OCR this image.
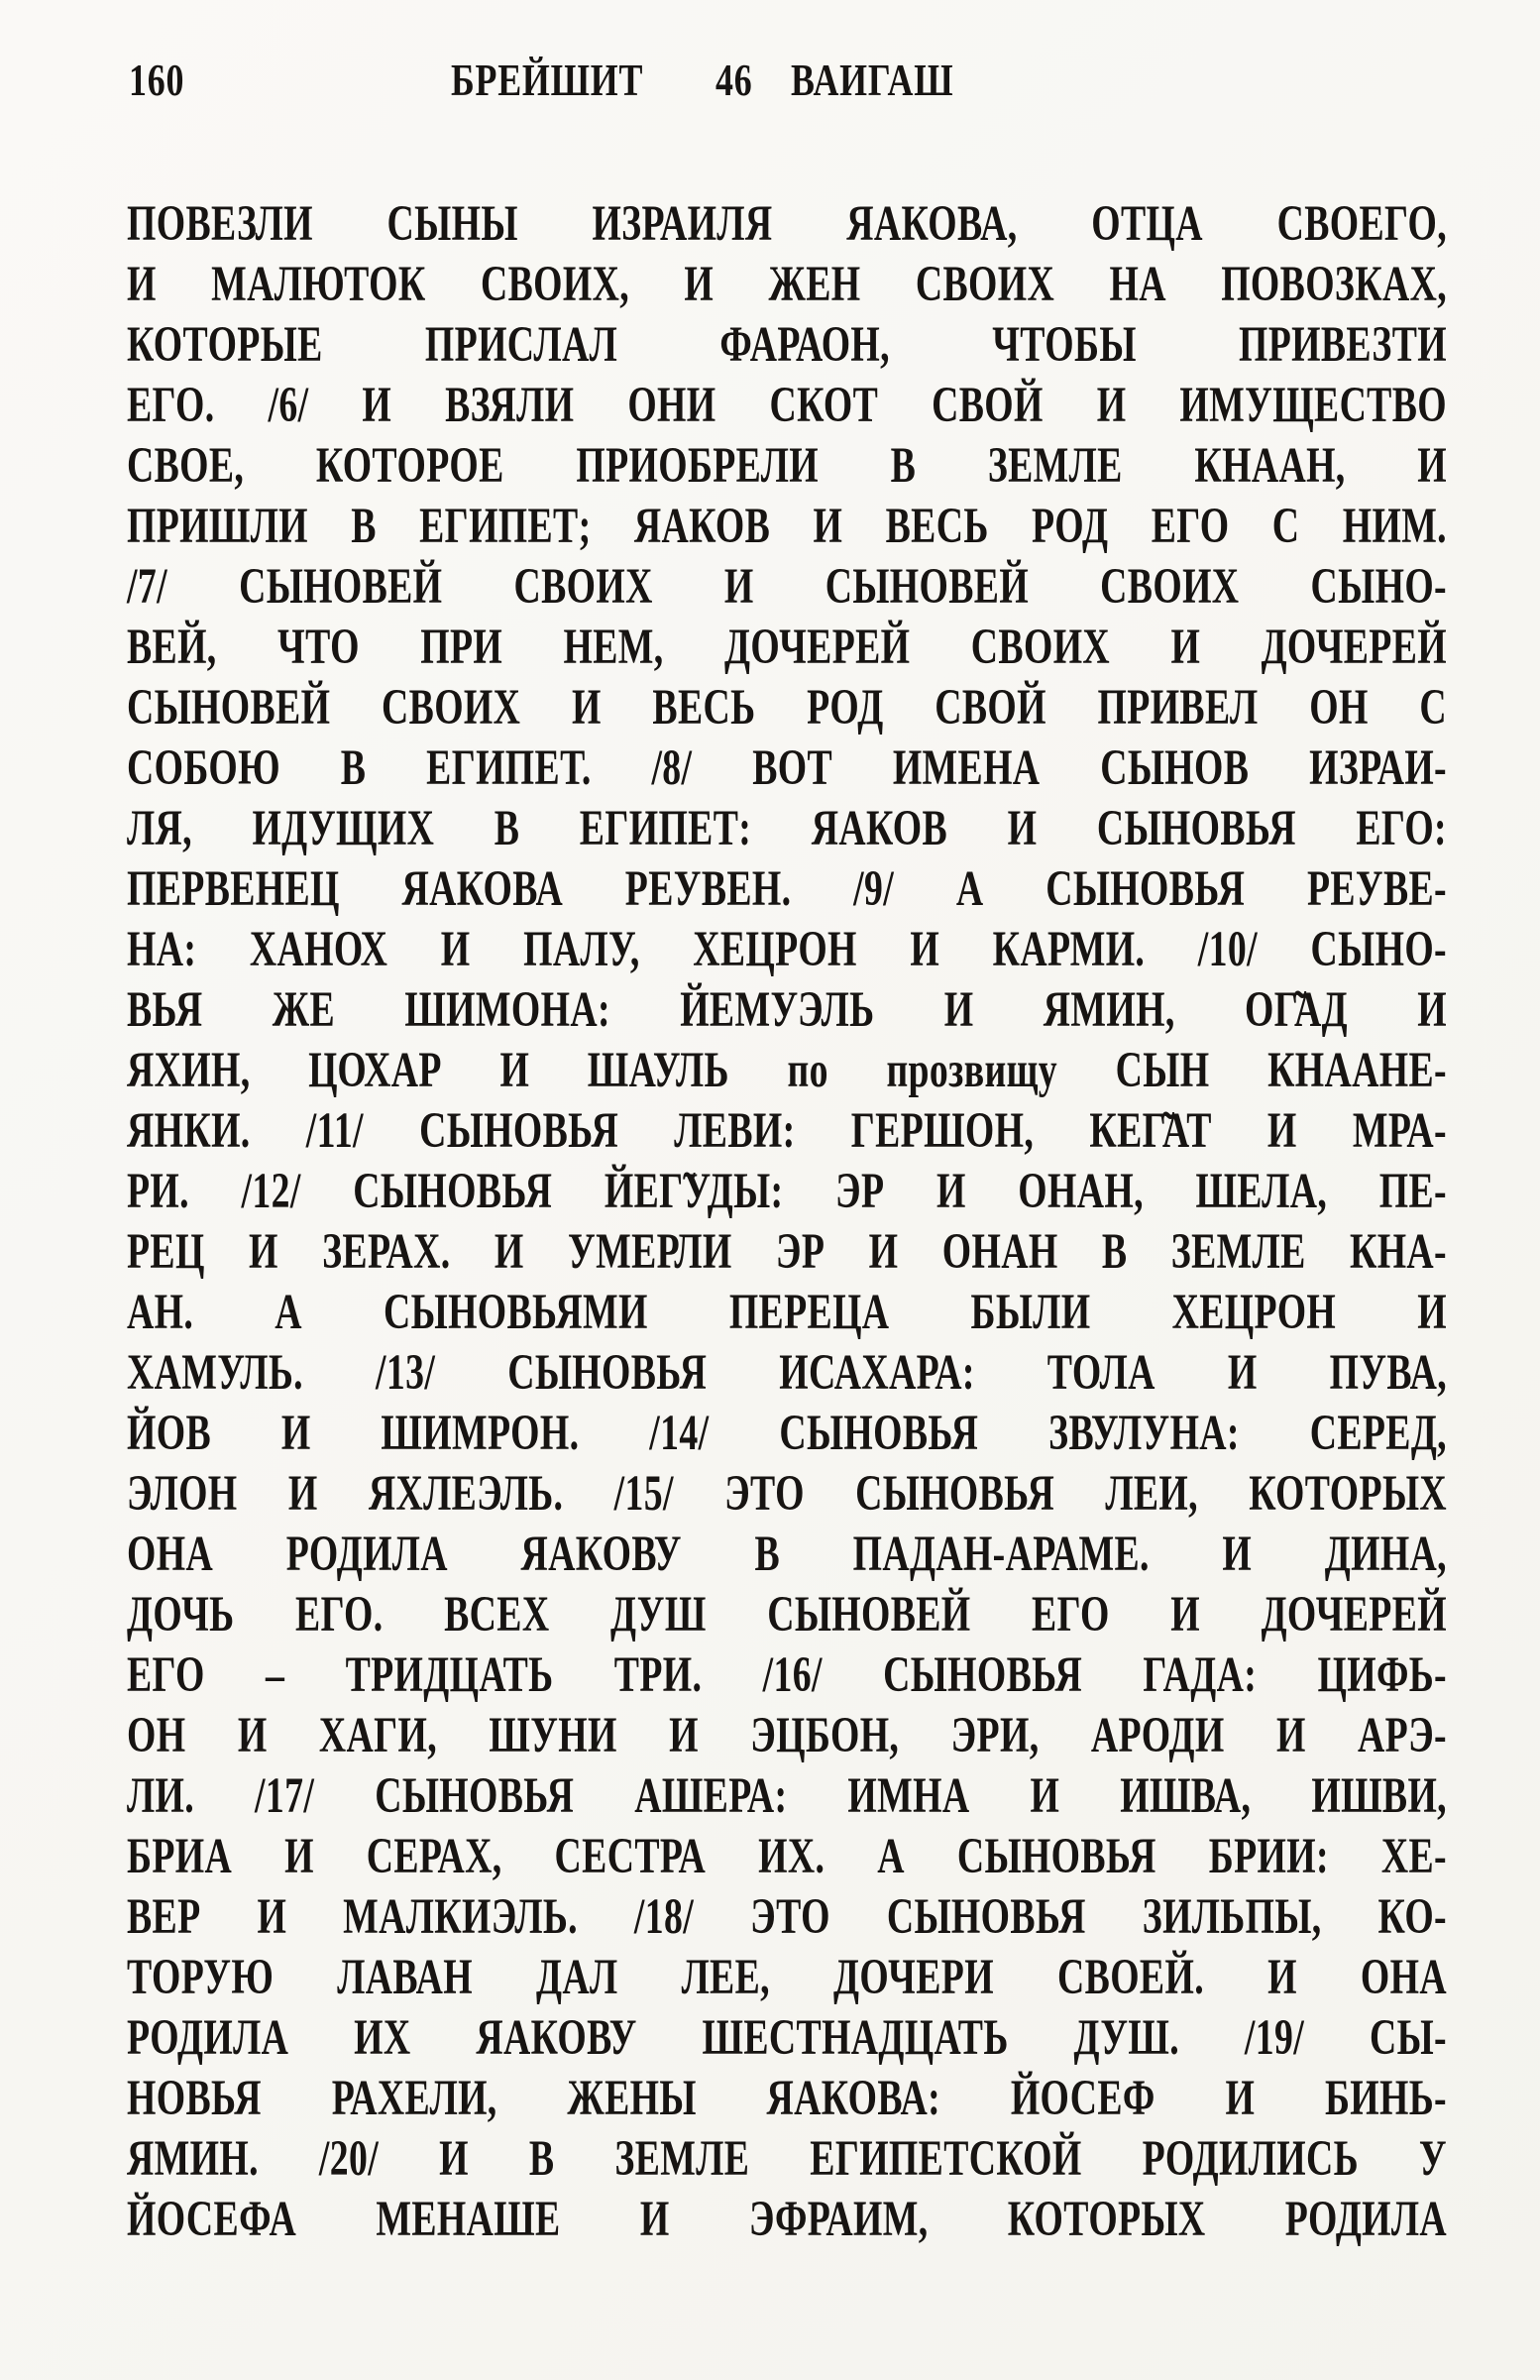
160	БРЕЙШИТ 46 ВАИГАШ
ПОВЕЗЛИ СЫНЫ ИЗРАИЛЯ ЯАКОВА, ОТЦА СВОЕГО,
И МАЛЮТОК СВОИХ, И ЖЕН СВОИХ НА ПОВОЗКАХ,
КОТОРЫЕ ПРИСЛАЛ ФАРАОН, ЧТОБЫ ПРИВЕЗТИ
ЕГО. /6/ И ВЗЯЛИ ОНИ СКОТ СВОЙ И ИМУЩЕСТВО
СВОЕ, КОТОРОЕ ПРИОБРЕЛИ В ЗЕМЛЕ КНААН, И
ПРИШЛИ В ЕГИПЕТ; ЯАКОВ И ВЕСЬ РОД ЕГО С НИМ.
/7/ СЫНОВЕЙ СВОИХ И СЫНОВЕЙ СВОИХ СЫНО-
ВЕЙ, ЧТО ПРИ НЕМ, ДОЧЕРЕЙ СВОИХ И ДОЧЕРЕЙ
СЫНОВЕЙ СВОИХ И ВЕСЬ РОД СВОЙ ПРИВЕЛ ОН С
СОБОЮ В ЕГИПЕТ. /8/ ВОТ ИМЕНА СЫНОВ ИЗРАИ-
ЛЯ, ИДУЩИХ В ЕГИПЕТ: ЯАКОВ И СЫНОВЬЯ ЕГО:
ПЕРВЕНЕЦ ЯАКОВА РЕУВЕН. /9/ А СЫНОВЬЯ РЕУВЕ-
НА: ХАНОХ И ПАЛУ, ХЕЦРОН И КАРМИ. /10/ СЫНО-
ВЬЯ ЖЕ ШИМОНА: ЙЕМУЭЛЬ И ЯМИН, ОГ̃АД И
ЯХИН, ЦОХАР И ШАУЛЬ по прозвищу СЫН КНААНЕ-
ЯНКИ. /11/ СЫНОВЬЯ ЛЕВИ: ГЕРШОН, КЕГ̃АТ И МРА-
РИ. /12/ СЫНОВЬЯ ЙЕГ̃УДЫ: ЭР И ОНАН, ШЕЛА, ПЕ-
РЕЦ И ЗЕРАХ. И УМЕРЛИ ЭР И ОНАН В ЗЕМЛЕ КНА-
АН. А СЫНОВЬЯМИ ПЕРЕЦА БЫЛИ ХЕЦРОН И
ХАМУЛЬ. /13/ СЫНОВЬЯ ИСАХАРА: ТОЛА И ПУВА,
ЙОВ И ШИМРОН. /14/ СЫНОВЬЯ ЗВУЛУНА: СЕРЕД,
ЭЛОН И ЯХЛЕЭЛЬ. /15/ ЭТО СЫНОВЬЯ ЛЕИ, КОТОРЫХ
ОНА РОДИЛА ЯАКОВУ В ПАДАН-АРАМЕ. И ДИНА,
ДОЧЬ ЕГО. ВСЕХ ДУШ СЫНОВЕЙ ЕГО И ДОЧЕРЕЙ
ЕГО – ТРИДЦАТЬ ТРИ. /16/ СЫНОВЬЯ ГАДА: ЦИФЬ-
ОН И ХАГИ, ШУНИ И ЭЦБОН, ЭРИ, АРОДИ И АРЭ-
ЛИ. /17/ СЫНОВЬЯ АШЕРА: ИМНА И ИШВА, ИШВИ,
БРИА И СЕРАХ, СЕСТРА ИХ. А СЫНОВЬЯ БРИИ: ХЕ-
ВЕР И МАЛКИЭЛЬ. /18/ ЭТО СЫНОВЬЯ ЗИЛЬПЫ, КО-
ТОРУЮ ЛАВАН ДАЛ ЛЕЕ, ДОЧЕРИ СВОЕЙ. И ОНА
РОДИЛА ИХ ЯАКОВУ ШЕСТНАДЦАТЬ ДУШ. /19/ СЫ-
НОВЬЯ РАХЕЛИ, ЖЕНЫ ЯАКОВА: ЙОСЕФ И БИНЬ-
ЯМИН. /20/ И В ЗЕМЛЕ ЕГИПЕТСКОЙ РОДИЛИСЬ У
ЙОСЕФА МЕНАШЕ И ЭФРАИМ, КОТОРЫХ РОДИЛА
